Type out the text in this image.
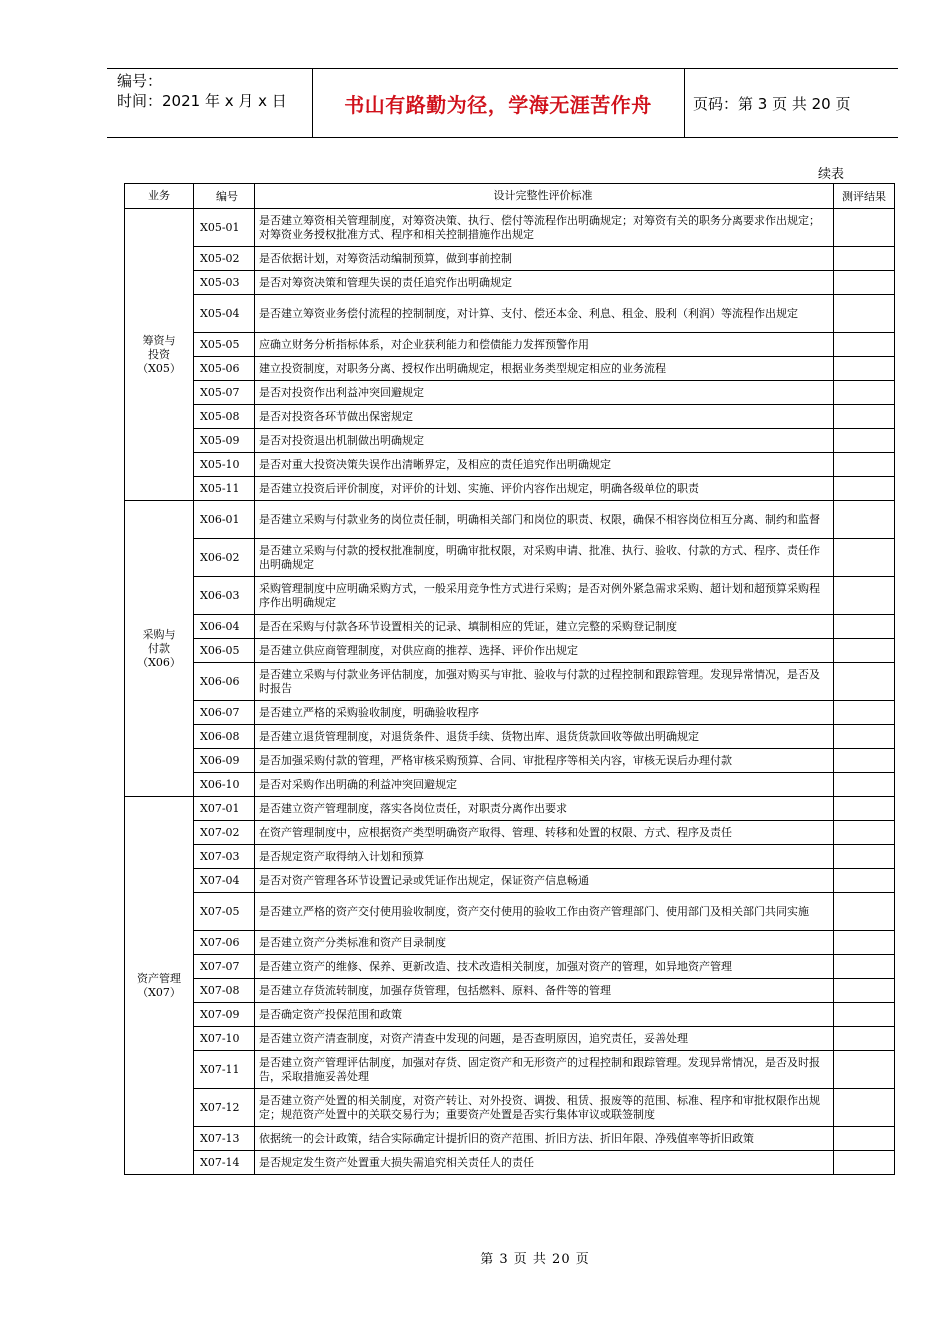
编号：
时间：2021 年 x 月 x 日	书山有路勤为径，学海无涯苦作舟	页码：第 3 页 共 20 页
续表
业务	编号	设计完整性评价标准	测评结果

筹资与
投资
（X05）	X05-01	是否建立筹资相关管理制度，对筹资决策、执行、偿付等流程作出明确规定；对筹资有关的职务分离要求作出规定；对筹资业务授权批准方式、程序和相关控制措施作出规定	
	X05-02	是否依据计划，对筹资活动编制预算，做到事前控制	
	X05-03	是否对筹资决策和管理失误的责任追究作出明确规定	
	X05-04	是否建立筹资业务偿付流程的控制制度，对计算、支付、偿还本金、利息、租金、股利（利润）等流程作出规定	
	X05-05	应确立财务分析指标体系，对企业获利能力和偿债能力发挥预警作用	
	X05-06	建立投资制度，对职务分离、授权作出明确规定，根据业务类型规定相应的业务流程	
	X05-07	是否对投资作出利益冲突回避规定	
	X05-08	是否对投资各环节做出保密规定	
	X05-09	是否对投资退出机制做出明确规定	
	X05-10	是否对重大投资决策失误作出清晰界定，及相应的责任追究作出明确规定	
	X05-11	是否建立投资后评价制度，对评价的计划、实施、评价内容作出规定，明确各级单位的职责	

采购与
付款
（X06）	X06-01	是否建立采购与付款业务的岗位责任制，明确相关部门和岗位的职责、权限，确保不相容岗位相互分离、制约和监督	
	X06-02	是否建立采购与付款的授权批准制度，明确审批权限，对采购申请、批准、执行、验收、付款的方式、程序、责任作出明确规定	
	X06-03	采购管理制度中应明确采购方式，一般采用竞争性方式进行采购；是否对例外紧急需求采购、超计划和超预算采购程序作出明确规定	
	X06-04	是否在采购与付款各环节设置相关的记录、填制相应的凭证，建立完整的采购登记制度	
	X06-05	是否建立供应商管理制度，对供应商的推荐、选择、评价作出规定	
	X06-06	是否建立采购与付款业务评估制度，加强对购买与审批、验收与付款的过程控制和跟踪管理。发现异常情况，是否及时报告	
	X06-07	是否建立严格的采购验收制度，明确验收程序	
	X06-08	是否建立退货管理制度，对退货条件、退货手续、货物出库、退货货款回收等做出明确规定	
	X06-09	是否加强采购付款的管理，严格审核采购预算、合同、审批程序等相关内容，审核无误后办理付款	
	X06-10	是否对采购作出明确的利益冲突回避规定	

资产管理
（X07）	X07-01	是否建立资产管理制度，落实各岗位责任，对职责分离作出要求	
	X07-02	在资产管理制度中，应根据资产类型明确资产取得、管理、转移和处置的权限、方式、程序及责任	
	X07-03	是否规定资产取得纳入计划和预算	
	X07-04	是否对资产管理各环节设置记录或凭证作出规定，保证资产信息畅通	
	X07-05	是否建立严格的资产交付使用验收制度，资产交付使用的验收工作由资产管理部门、使用部门及相关部门共同实施	
	X07-06	是否建立资产分类标准和资产目录制度	
	X07-07	是否建立资产的维修、保养、更新改造、技术改造相关制度，加强对资产的管理，如异地资产管理	
	X07-08	是否建立存货流转制度，加强存货管理，包括燃料、原料、备件等的管理	
	X07-09	是否确定资产投保范围和政策	
	X07-10	是否建立资产清查制度，对资产清查中发现的问题，是否查明原因，追究责任，妥善处理	
	X07-11	是否建立资产管理评估制度，加强对存货、固定资产和无形资产的过程控制和跟踪管理。发现异常情况，是否及时报告，采取措施妥善处理	
	X07-12	是否建立资产处置的相关制度，对资产转让、对外投资、调拨、租赁、报废等的范围、标准、程序和审批权限作出规定；规范资产处置中的关联交易行为；重要资产处置是否实行集体审议或联签制度	
	X07-13	依据统一的会计政策，结合实际确定计提折旧的资产范围、折旧方法、折旧年限、净残值率等折旧政策	
	X07-14	是否规定发生资产处置重大损失需追究相关责任人的责任	
第 3 页 共 20 页
